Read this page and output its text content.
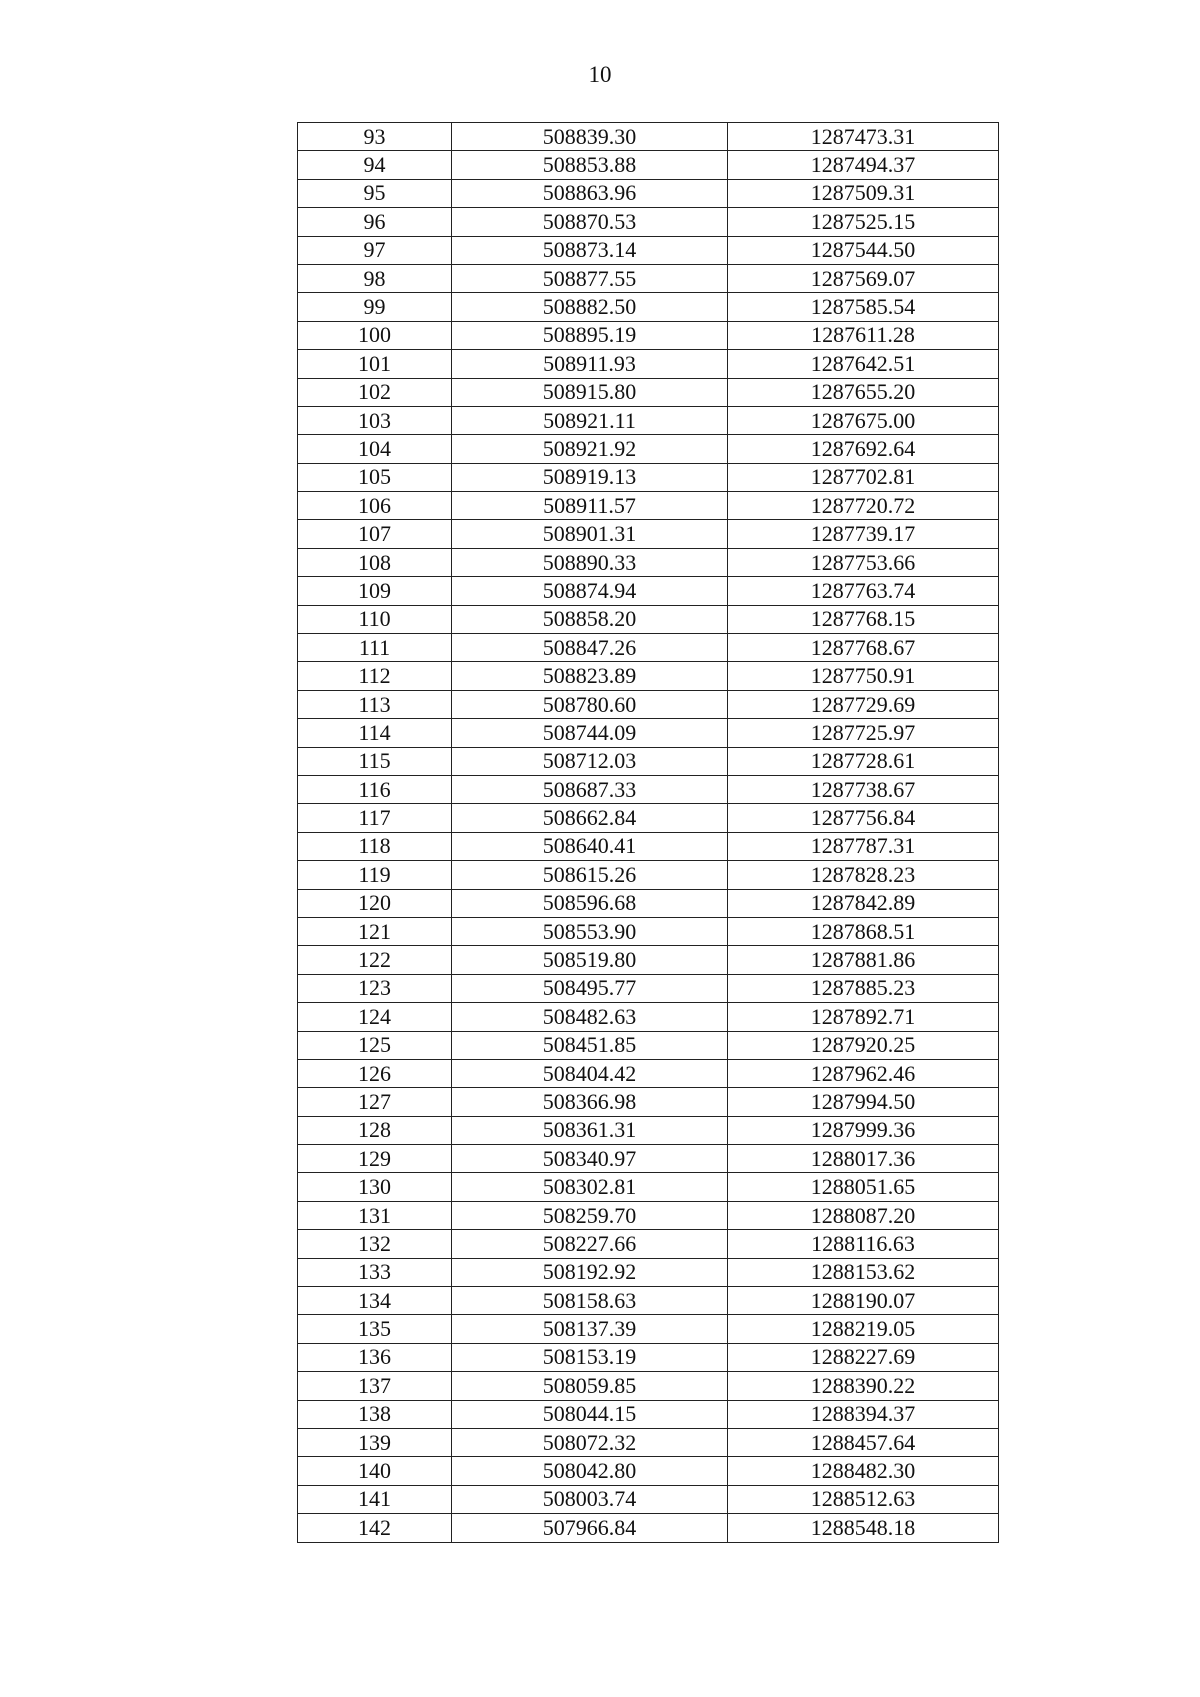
10
93	508839.30	1287473.31
94	508853.88	1287494.37
95	508863.96	1287509.31
96	508870.53	1287525.15
97	508873.14	1287544.50
98	508877.55	1287569.07
99	508882.50	1287585.54
100	508895.19	1287611.28
101	508911.93	1287642.51
102	508915.80	1287655.20
103	508921.11	1287675.00
104	508921.92	1287692.64
105	508919.13	1287702.81
106	508911.57	1287720.72
107	508901.31	1287739.17
108	508890.33	1287753.66
109	508874.94	1287763.74
110	508858.20	1287768.15
111	508847.26	1287768.67
112	508823.89	1287750.91
113	508780.60	1287729.69
114	508744.09	1287725.97
115	508712.03	1287728.61
116	508687.33	1287738.67
117	508662.84	1287756.84
118	508640.41	1287787.31
119	508615.26	1287828.23
120	508596.68	1287842.89
121	508553.90	1287868.51
122	508519.80	1287881.86
123	508495.77	1287885.23
124	508482.63	1287892.71
125	508451.85	1287920.25
126	508404.42	1287962.46
127	508366.98	1287994.50
128	508361.31	1287999.36
129	508340.97	1288017.36
130	508302.81	1288051.65
131	508259.70	1288087.20
132	508227.66	1288116.63
133	508192.92	1288153.62
134	508158.63	1288190.07
135	508137.39	1288219.05
136	508153.19	1288227.69
137	508059.85	1288390.22
138	508044.15	1288394.37
139	508072.32	1288457.64
140	508042.80	1288482.30
141	508003.74	1288512.63
142	507966.84	1288548.18
